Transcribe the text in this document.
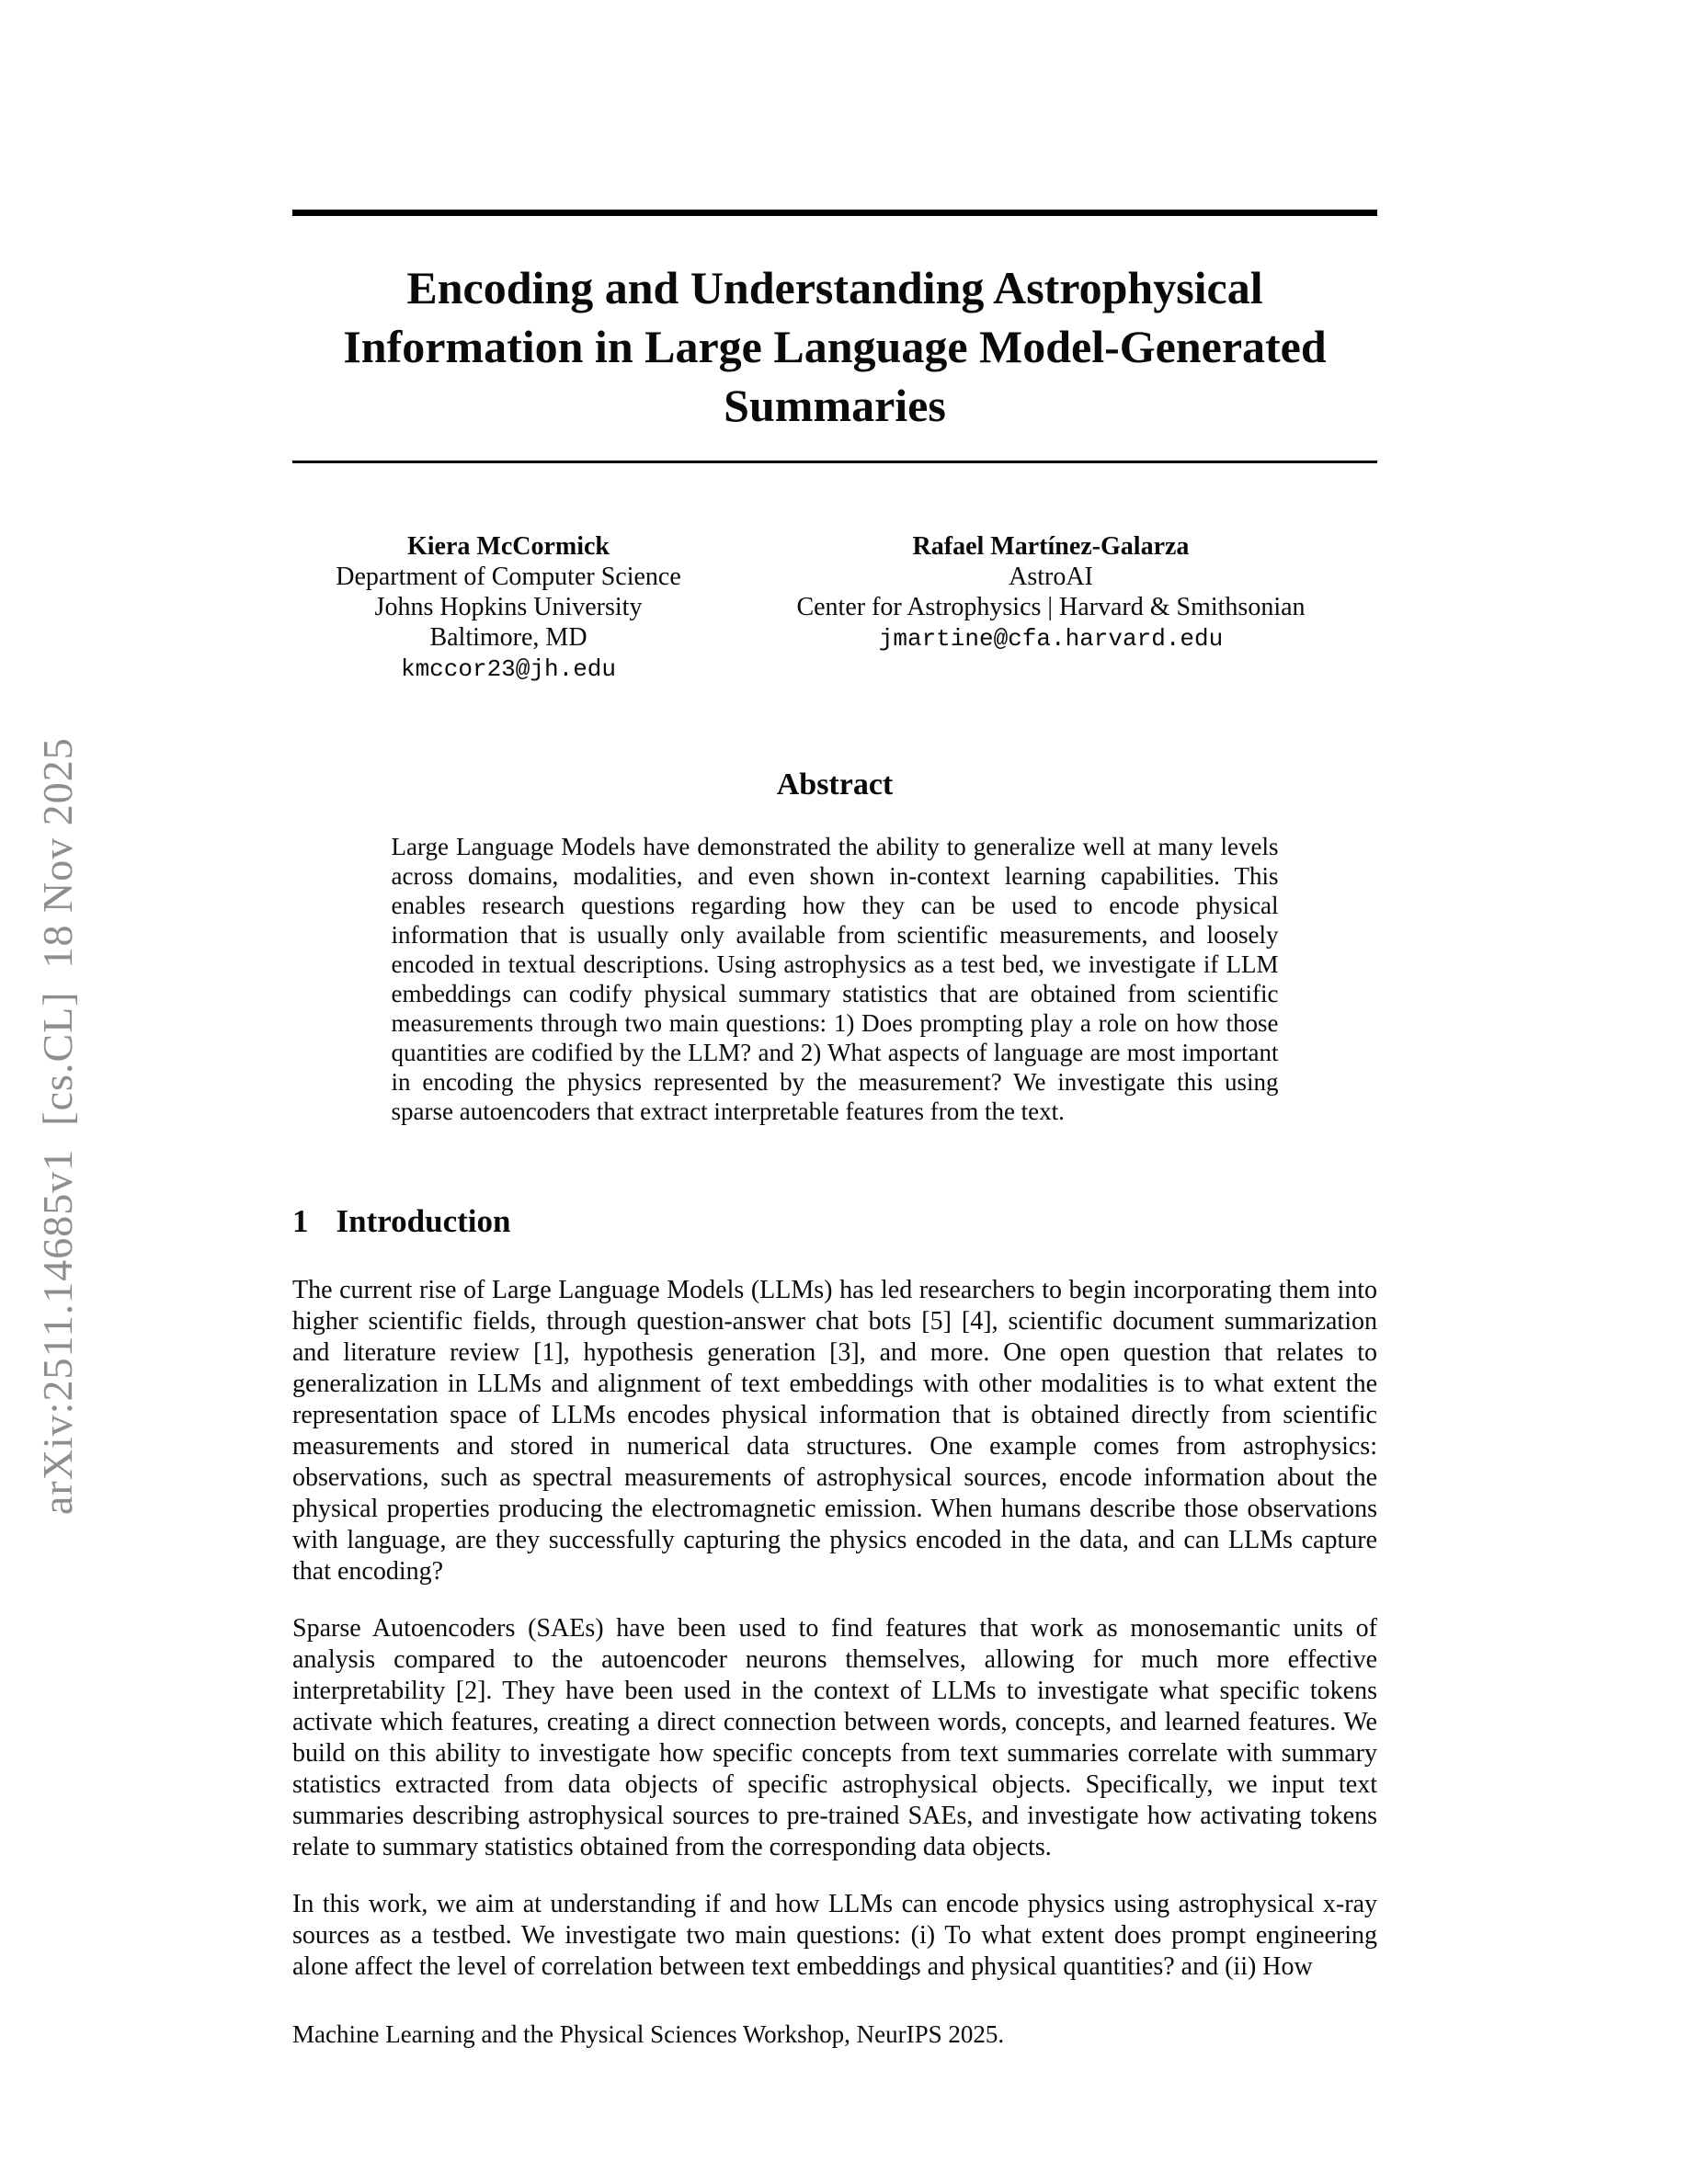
arXiv:2511.14685v1  [cs.CL]  18 Nov 2025
Encoding and Understanding Astrophysical
Information in Large Language Model-Generated
Summaries
Kiera McCormick
Department of Computer Science
Johns Hopkins University
Baltimore, MD
kmccor23@jh.edu
Rafael Martínez-Galarza
AstroAI
Center for Astrophysics | Harvard & Smithsonian
jmartine@cfa.harvard.edu
Abstract

Large Language Models have demonstrated the ability to generalize well at many levels across domains, modalities, and even shown in-context learning capabilities. This enables research questions regarding how they can be used to encode physical information that is usually only available from scientific measurements, and loosely encoded in textual descriptions. Using astrophysics as a test bed, we investigate if LLM embeddings can codify physical summary statistics that are obtained from scientific measurements through two main questions: 1) Does prompting play a role on how those quantities are codified by the LLM? and 2) What aspects of language are most important in encoding the physics represented by the measurement? We investigate this using sparse autoencoders that extract interpretable features from the text.

1 Introduction

The current rise of Large Language Models (LLMs) has led researchers to begin incorporating them into higher scientific fields, through question-answer chat bots [5] [4], scientific document summarization and literature review [1], hypothesis generation [3], and more. One open question that relates to generalization in LLMs and alignment of text embeddings with other modalities is to what extent the representation space of LLMs encodes physical information that is obtained directly from scientific measurements and stored in numerical data structures. One example comes from astrophysics: observations, such as spectral measurements of astrophysical sources, encode information about the physical properties producing the electromagnetic emission. When humans describe those observations with language, are they successfully capturing the physics encoded in the data, and can LLMs capture that encoding?

Sparse Autoencoders (SAEs) have been used to find features that work as monosemantic units of analysis compared to the autoencoder neurons themselves, allowing for much more effective interpretability [2]. They have been used in the context of LLMs to investigate what specific tokens activate which features, creating a direct connection between words, concepts, and learned features. We build on this ability to investigate how specific concepts from text summaries correlate with summary statistics extracted from data objects of specific astrophysical objects. Specifically, we input text summaries describing astrophysical sources to pre-trained SAEs, and investigate how activating tokens relate to summary statistics obtained from the corresponding data objects.

In this work, we aim at understanding if and how LLMs can encode physics using astrophysical x-ray sources as a testbed. We investigate two main questions: (i) To what extent does prompt engineering alone affect the level of correlation between text embeddings and physical quantities? and (ii) How

Machine Learning and the Physical Sciences Workshop, NeurIPS 2025.
